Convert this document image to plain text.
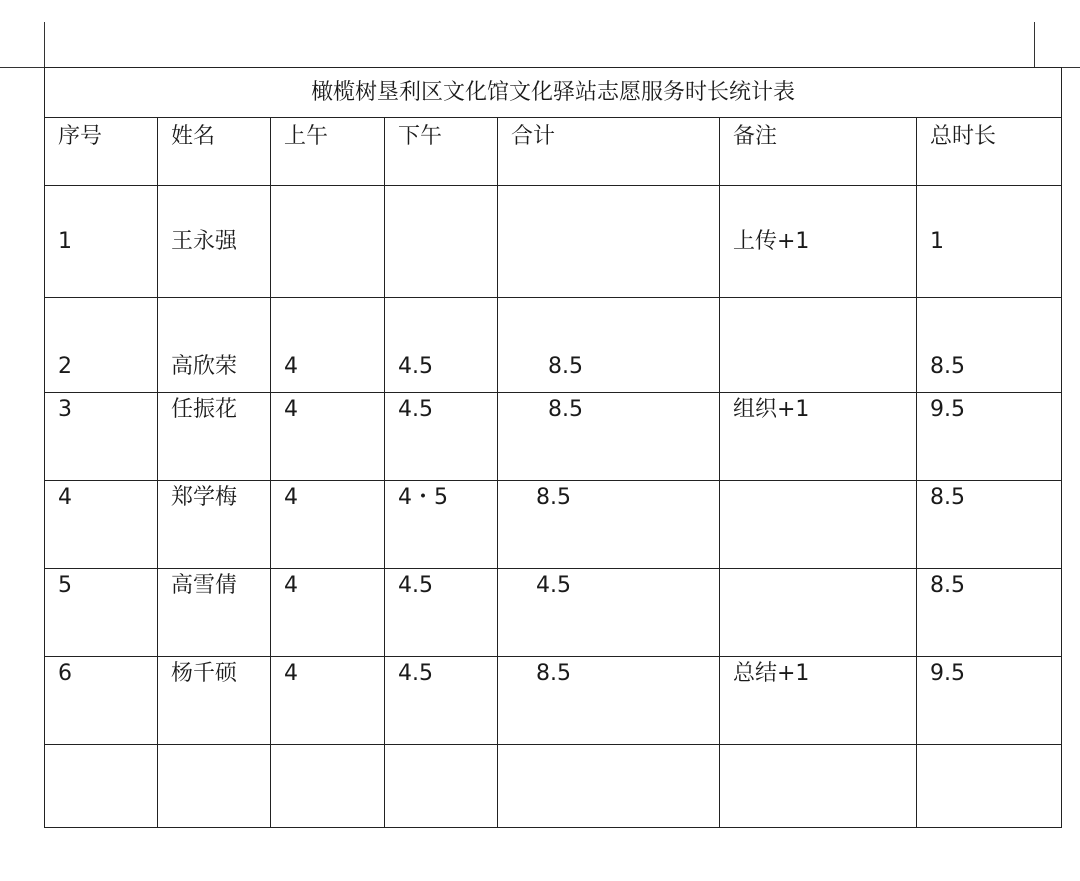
橄榄树垦利区文化馆文化驿站志愿服务时长统计表						
序号	姓名	上午	下午	合计	备注	总时长
1	王永强				上传+1	1
2	高欣荣	4	4.5	8.5		8.5
3	任振花	4	4.5	8.5	组织+1	9.5
4	郑学梅	4	4・5	8.5		8.5
5	高雪倩	4	4.5	4.5		8.5
6	杨千硕	4	4.5	8.5	总结+1	9.5
